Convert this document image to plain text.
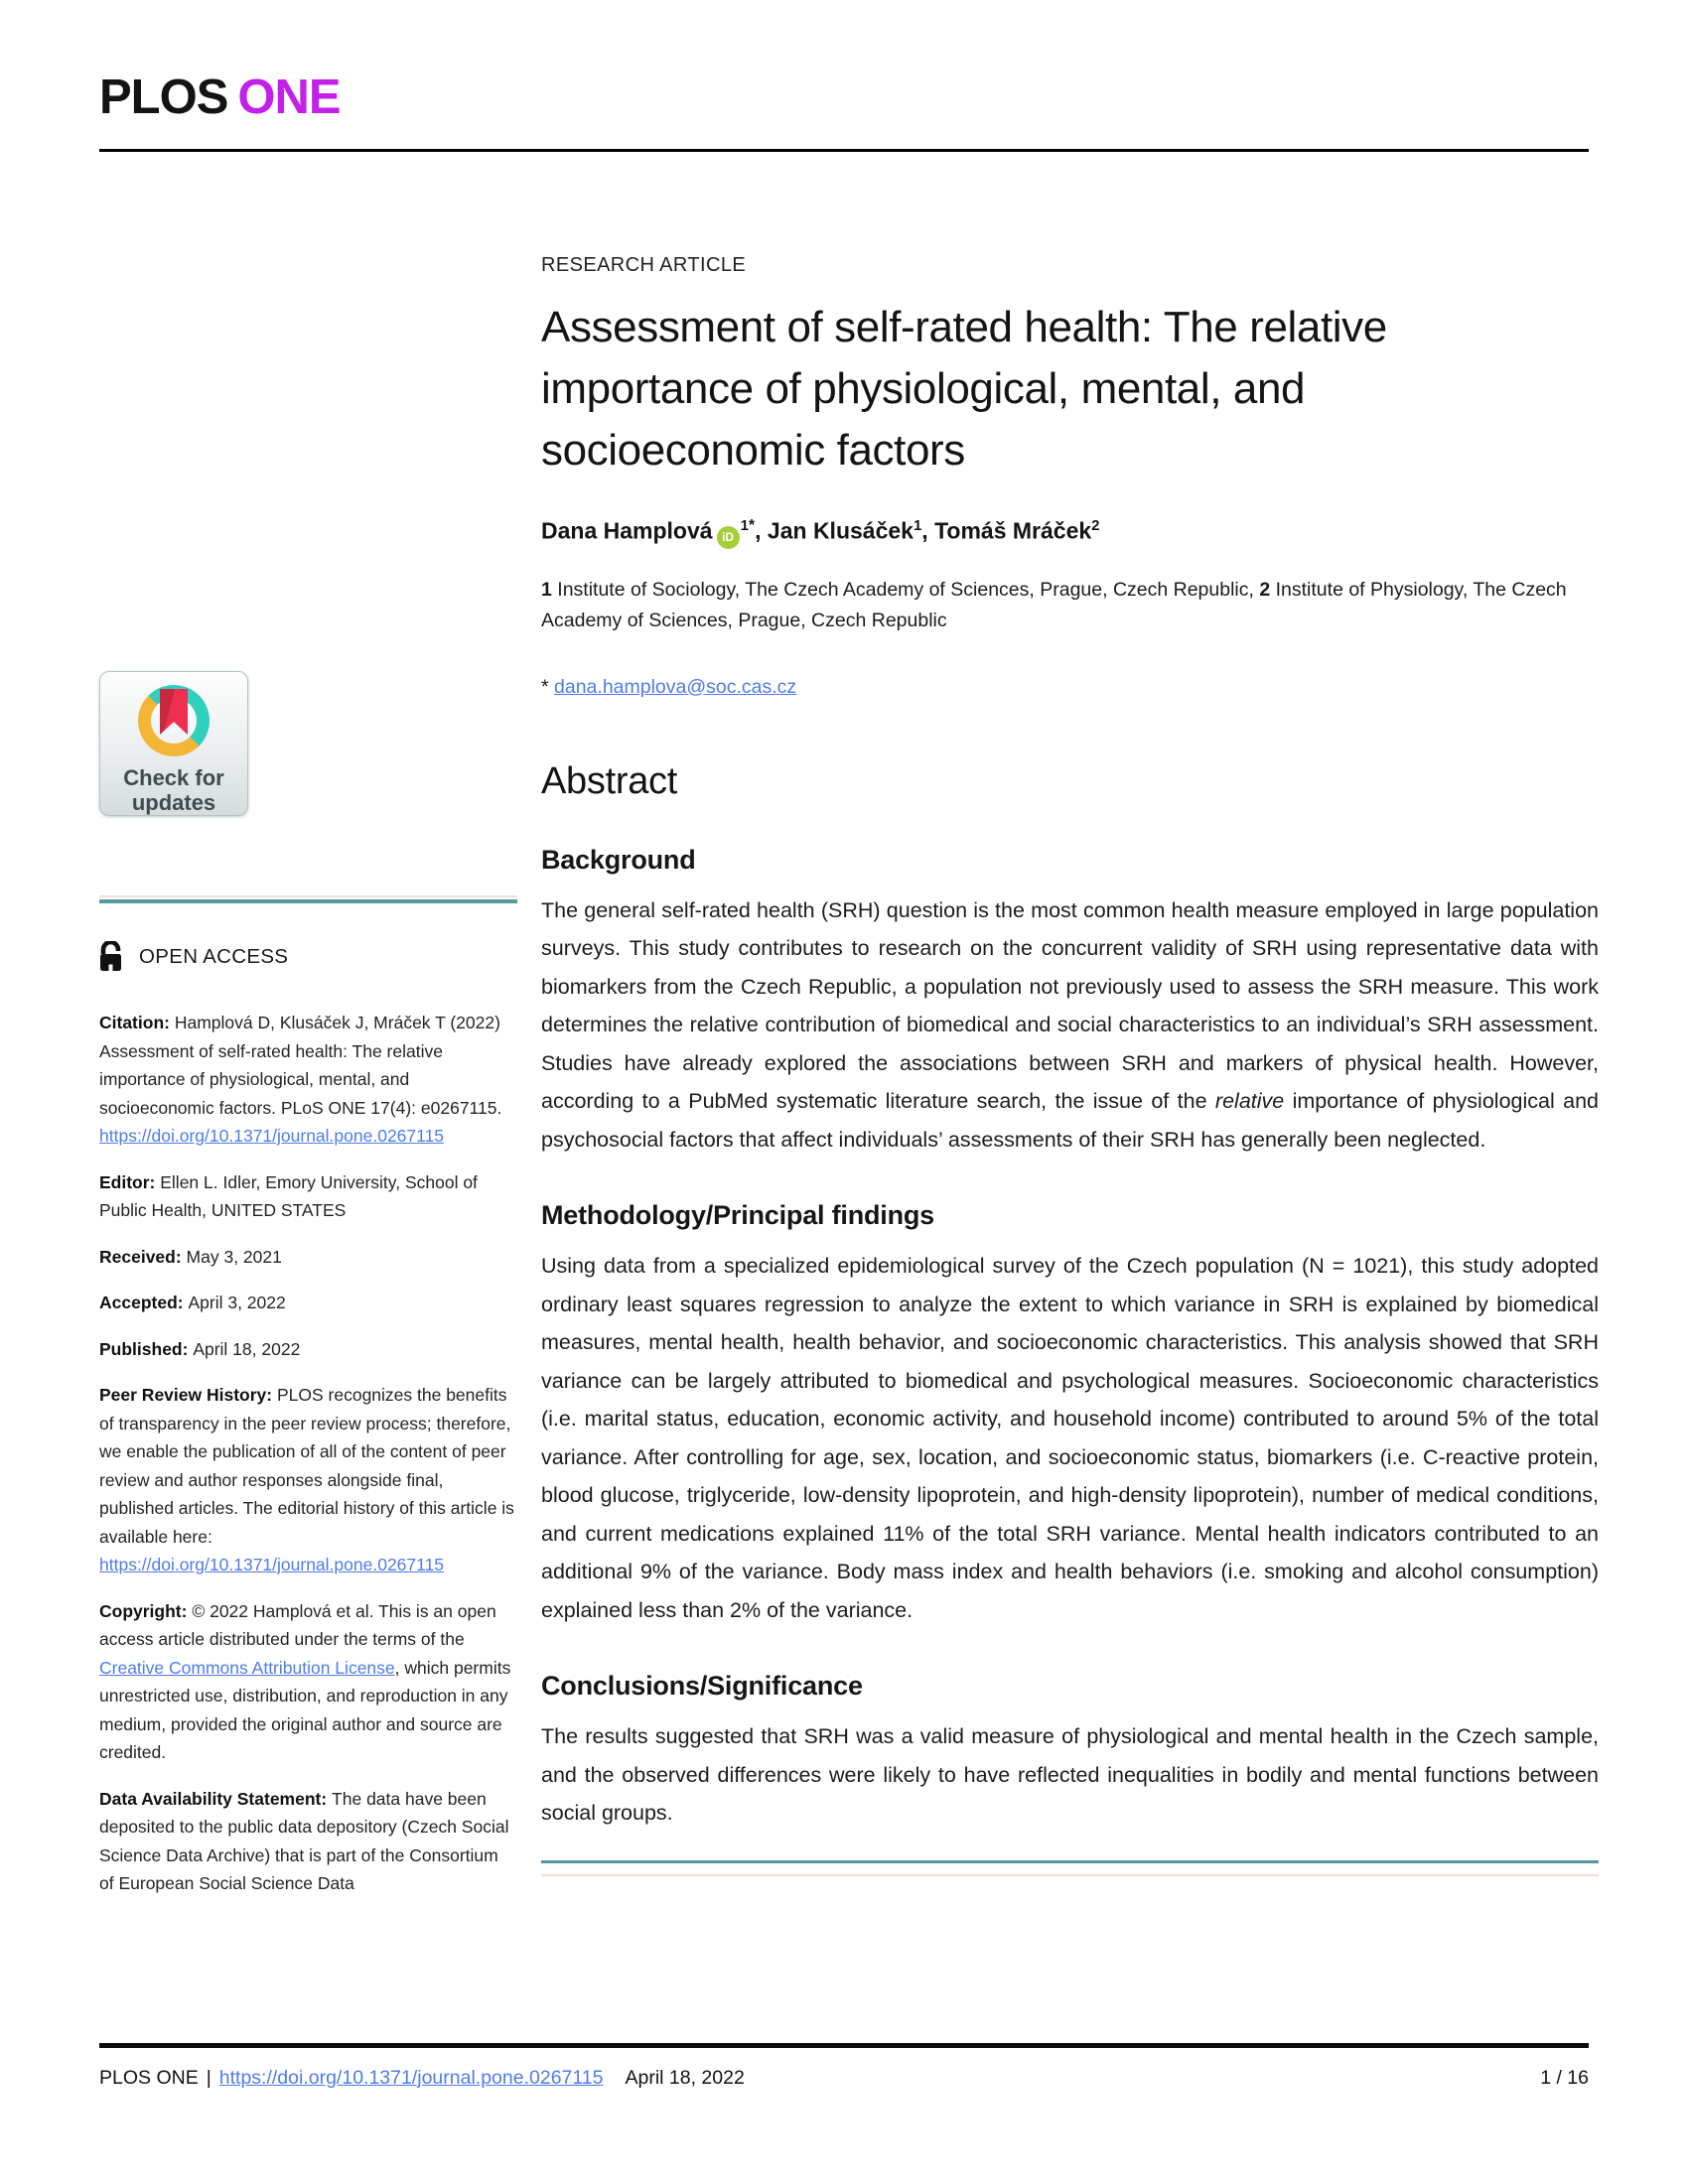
PLOS ONE
Check for updates
OPEN ACCESS

Citation: Hamplová D, Klusáček J, Mráček T (2022) Assessment of self-rated health: The relative importance of physiological, mental, and socioeconomic factors. PLoS ONE 17(4): e0267115. https://doi.org/10.1371/journal.pone.0267115

Editor: Ellen L. Idler, Emory University, School of Public Health, UNITED STATES

Received: May 3, 2021

Accepted: April 3, 2022

Published: April 18, 2022

Peer Review History: PLOS recognizes the benefits of transparency in the peer review process; therefore, we enable the publication of all of the content of peer review and author responses alongside final, published articles. The editorial history of this article is available here: https://doi.org/10.1371/journal.pone.0267115

Copyright: © 2022 Hamplová et al. This is an open access article distributed under the terms of the Creative Commons Attribution License, which permits unrestricted use, distribution, and reproduction in any medium, provided the original author and source are credited.

Data Availability Statement: The data have been deposited to the public data depository (Czech Social Science Data Archive) that is part of the Consortium of European Social Science Data

RESEARCH ARTICLE

Assessment of self-rated health: The relative importance of physiological, mental, and socioeconomic factors
Dana Hamplová $iD^{1*}$, Jan Klusáček$^1$, Tomáš Mráček$^2$

1 Institute of Sociology, The Czech Academy of Sciences, Prague, Czech Republic, 2 Institute of Physiology, The Czech Academy of Sciences, Prague, Czech Republic

* dana.hamplova@soc.cas.cz

Abstract
Background

The general self-rated health (SRH) question is the most common health measure employed in large population surveys. This study contributes to research on the concurrent validity of SRH using representative data with biomarkers from the Czech Republic, a population not previously used to assess the SRH measure. This work determines the relative contribution of biomedical and social characteristics to an individual’s SRH assessment. Studies have already explored the associations between SRH and markers of physical health. However, according to a PubMed systematic literature search, the issue of the relative importance of physiological and psychosocial factors that affect individuals’ assessments of their SRH has generally been neglected.

Methodology/Principal findings

Using data from a specialized epidemiological survey of the Czech population (N = 1021), this study adopted ordinary least squares regression to analyze the extent to which variance in SRH is explained by biomedical measures, mental health, health behavior, and socioeconomic characteristics. This analysis showed that SRH variance can be largely attributed to biomedical and psychological measures. Socioeconomic characteristics (i.e. marital status, education, economic activity, and household income) contributed to around 5% of the total variance. After controlling for age, sex, location, and socioeconomic status, biomarkers (i.e. C-reactive protein, blood glucose, triglyceride, low-density lipoprotein, and high-density lipoprotein), number of medical conditions, and current medications explained 11% of the total SRH variance. Mental health indicators contributed to an additional 9% of the variance. Body mass index and health behaviors (i.e. smoking and alcohol consumption) explained less than 2% of the variance.

Conclusions/Significance

The results suggested that SRH was a valid measure of physiological and mental health in the Czech sample, and the observed differences were likely to have reflected inequalities in bodily and mental functions between social groups.

PLOS ONE | https://doi.org/10.1371/journal.pone.0267115 April 18, 2022	1 / 16
